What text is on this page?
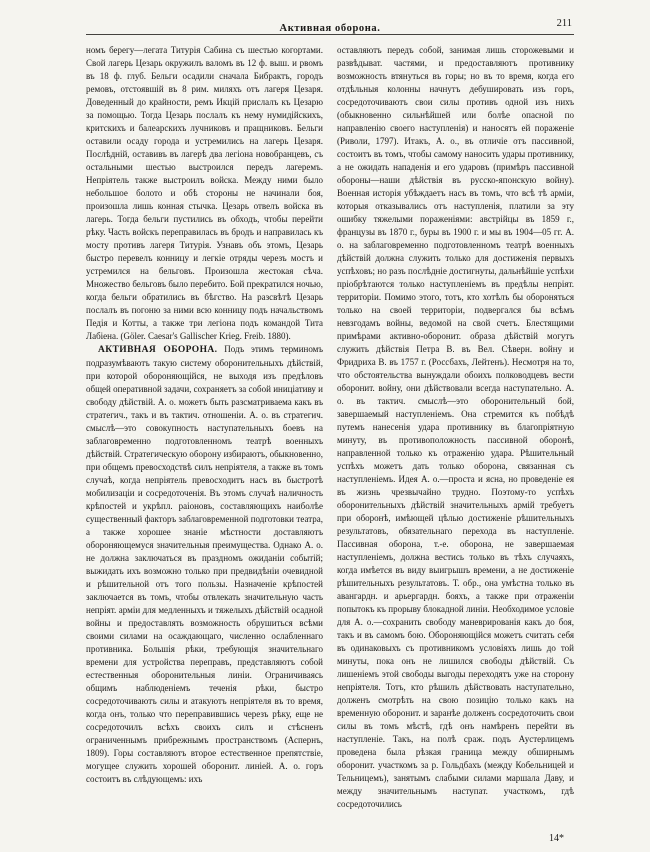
Активная оборона.	211

номъ берегу—легата Титурія Сабина съ шестью когортами. Свой лагерь Цезарь окружилъ валомъ въ 12 ф. выш. и рвомъ въ 18 ф. глуб. Бельги осадили сначала Бибрактъ, городъ ремовъ, отстоявшій въ 8 рим. миляхъ отъ лагеря Цезаря. Доведенный до крайности, ремъ Икцій прислалъ къ Цезарю за помощью. Тогда Цезарь послалъ къ нему нумидійскихъ, критскихъ и балеарскихъ лучниковъ и пращниковъ. Бельги оставили осаду города и устремились на лагерь Цезаря. Послѣдній, оставивъ въ лагерѣ два легіона новобранцевъ, съ остальными шестью выстроился передъ лагеремъ. Непріятель также выстроилъ войска. Между ними было небольшое болото и обѣ стороны не начинали боя, произошла лишь конная стычка. Цезарь отвелъ войска въ лагерь. Тогда бельги пустились въ обходъ, чтобы перейти рѣку. Часть войскъ переправилась въ бродъ и направилась къ мосту противъ лагеря Титурія. Узнавъ объ этомъ, Цезарь быстро перевелъ конницу и легкіе отряды черезъ мостъ и устремился на бельговъ. Произошла жестокая сѣча. Множество бельговъ было перебито. Бой прекратился ночью, когда бельги обратились въ бѣгство. На разсвѣтѣ Цезарь послалъ въ погоню за ними всю конницу подъ начальствомъ Педія и Котты, а также три легіона подъ командой Тита Лабіена. (Göler. Caesar's Gallischer Krieg. Freib. 1880).

АКТИВНАЯ ОБОРОНА. Подъ этимъ терминомъ подразумѣваютъ такую систему оборонительныхъ дѣйствій, при которой обороняющійся, не выходя изъ предѣловъ общей оперативной задачи, сохраняетъ за собой иниціативу и свободу дѣйствій. А. о. можетъ быть разсматриваема какъ въ стратегич., такъ и въ тактич. отношеніи. А. о. въ стратегич. смыслѣ—это совокупность наступательныхъ боевъ на заблаговременно подготовленномъ театрѣ военныхъ дѣйствій. Стратегическую оборону избираютъ, обыкновенно, при общемъ превосходствѣ силъ непріятеля, а также въ томъ случаѣ, когда непріятель превосходитъ насъ въ быстротѣ мобилизаціи и сосредоточенія. Въ этомъ случаѣ наличность крѣпостей и укрѣпл. раіоновъ, составляющихъ наиболѣе существенный факторъ заблаговременной подготовки театра, а также хорошее знаніе мѣстности доставляютъ обороняющемуся значительныя преимущества. Однако А. о. не должна заключаться въ праздномъ ожиданіи событій; выжидать ихъ возможно только при предвидѣніи очевидной и рѣшительной отъ того пользы. Назначеніе крѣпостей заключается въ томъ, чтобы отвлекать значительную часть непріят. арміи для медленныхъ и тяжелыхъ дѣйствій осадной войны и предоставлять возможность обрушиться всѣми своими силами на осаждающаго, численно ослабленнаго противника. Большія рѣки, требующія значительнаго времени для устройства переправъ, представляютъ собой естественныя оборонительныя линіи. Ограничиваясь общимъ наблюденіемъ теченія рѣки, быстро сосредоточиваютъ силы и атакуютъ непріятеля въ то время, когда онъ, только что переправившись черезъ рѣку, еще не сосредоточилъ всѣхъ своихъ силъ и стѣсненъ ограниченнымъ прибрежнымъ пространствомъ (Аспернъ, 1809). Горы составляютъ второе естественное препятствіе, могущее служить хорошей оборонит. линіей. А. о. горъ состоитъ въ слѣдующемъ: ихъ

оставляютъ передъ собой, занимая лишь сторожевыми и развѣдыват. частями, и предоставляютъ противнику возможность втянуться въ горы; но въ то время, когда его отдѣльныя колонны начнутъ дебушировать изъ горъ, сосредоточиваютъ свои силы противъ одной изъ нихъ (обыкновенно сильнѣйшей или болѣе опасной по направленію своего наступленія) и наносятъ ей пораженіе (Риволи, 1797). Итакъ, А. о., въ отличіе отъ пассивной, состоитъ въ томъ, чтобы самому наносить удары противнику, а не ожидать нападенія и его ударовъ (примѣръ пассивной обороны—наши дѣйствія въ русско-японскую войну). Военная исторія убѣждаетъ насъ въ томъ, что всѣ тѣ арміи, которыя отказывались отъ наступленія, платили за эту ошибку тяжелыми пораженіями: австрійцы въ 1859 г., французы въ 1870 г., буры въ 1900 г. и мы въ 1904—05 гг. А. о. на заблаговременно подготовленномъ театрѣ военныхъ дѣйствій должна служить только для достиженія первыхъ успѣховъ; но разъ послѣдніе достигнуты, дальнѣйшіе успѣхи пріобрѣтаются только наступленіемъ въ предѣлы непріят. территоріи. Помимо этого, тотъ, кто хотѣлъ бы обороняться только на своей территоріи, подвергался бы всѣмъ невзгодамъ войны, ведомой на свой счетъ. Блестящими примѣрами активно-оборонит. образа дѣйствій могутъ служить дѣйствія Петра В. въ Вел. Сѣверн. войну и Фридриха В. въ 1757 г. (Россбахъ, Лейтенъ). Несмотря на то, что обстоятельства вынуждали обоихъ полководцевъ вести оборонит. войну, они дѣйствовали всегда наступательно. А. о. въ тактич. смыслѣ—это оборонительный бой, завершаемый наступленіемъ. Она стремится къ побѣдѣ путемъ нанесенія удара противнику въ благопріятную минуту, въ противоположность пассивной оборонѣ, направленной только къ отраженію удара. Рѣшительный успѣхъ можетъ дать только оборона, связанная съ наступленіемъ. Идея А. о.—проста и ясна, но проведеніе ея въ жизнь чрезвычайно трудно. Поэтому-то успѣхъ оборонительныхъ дѣйствій значительныхъ армій требуетъ при оборонѣ, имѣющей цѣлью достиженіе рѣшительныхъ результатовъ, обязательнаго перехода въ наступленіе. Пассивная оборона, т.-е. оборона, не завершаемая наступленіемъ, должна вестись только въ тѣхъ случаяхъ, когда имѣется въ виду выигрышъ времени, а не достиженіе рѣшительныхъ результатовъ. Т. обр., она умѣстна только въ авангардн. и арьергардн. бояхъ, а также при отраженіи попытокъ къ прорыву блокадной линіи. Необходимое условіе для А. о.—сохранить свободу маневрированія какъ до боя, такъ и въ самомъ бою. Обороняющійся можетъ считать себя въ одинаковыхъ съ противникомъ условіяхъ лишь до той минуты, пока онъ не лишился свободы дѣйствій. Съ лишеніемъ этой свободы выгоды переходятъ уже на сторону непріятеля. Тотъ, кто рѣшилъ дѣйствовать наступательно, долженъ смотрѣть на свою позицію только какъ на временную оборонит. и заранѣе долженъ сосредоточить свои силы въ томъ мѣстѣ, гдѣ онъ намѣренъ перейти въ наступленіе. Такъ, на полѣ сраж. подъ Аустерлицемъ проведена была рѣзкая граница между обширнымъ оборонит. участкомъ за р. Гольдбахъ (между Кобельницей и Тельницемъ), занятымъ слабыми силами маршала Даву, и между значительнымъ наступат. участкомъ, гдѣ сосредоточились

14*
